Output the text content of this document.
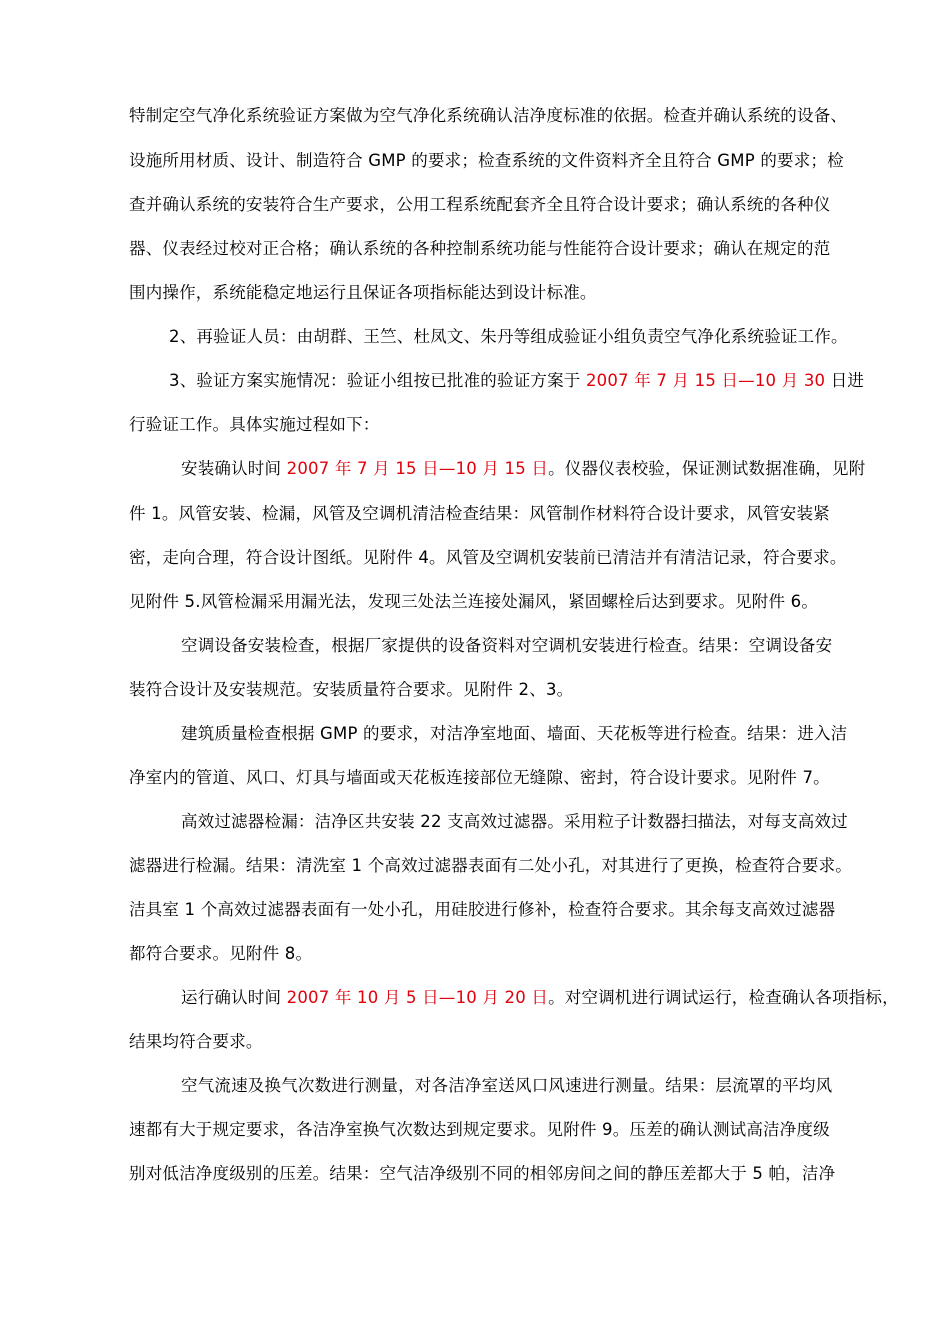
特制定空气净化系统验证方案做为空气净化系统确认洁净度标准的依据。检查并确认系统的设备、
设施所用材质、设计、制造符合 GMP 的要求；检查系统的文件资料齐全且符合 GMP 的要求；检
查并确认系统的安装符合生产要求，公用工程系统配套齐全且符合设计要求；确认系统的各种仪
器、仪表经过校对正合格；确认系统的各种控制系统功能与性能符合设计要求；确认在规定的范
围内操作，系统能稳定地运行且保证各项指标能达到设计标准。
2、再验证人员：由胡群、王竺、杜凤文、朱丹等组成验证小组负责空气净化系统验证工作。
3、验证方案实施情况：验证小组按已批准的验证方案于 2007 年 7 月 15 日—10 月 30 日进
行验证工作。具体实施过程如下：
安装确认时间 2007 年 7 月 15 日—10 月 15 日。仪器仪表校验，保证测试数据准确，见附
件 1。风管安装、检漏，风管及空调机清洁检查结果：风管制作材料符合设计要求，风管安装紧
密，走向合理，符合设计图纸。见附件 4。风管及空调机安装前已清洁并有清洁记录，符合要求。
见附件 5.风管检漏采用漏光法，发现三处法兰连接处漏风，紧固螺栓后达到要求。见附件 6。
空调设备安装检查，根据厂家提供的设备资料对空调机安装进行检查。结果：空调设备安
装符合设计及安装规范。安装质量符合要求。见附件 2、3。
建筑质量检查根据 GMP 的要求，对洁净室地面、墙面、天花板等进行检查。结果：进入洁
净室内的管道、风口、灯具与墙面或天花板连接部位无缝隙、密封，符合设计要求。见附件 7。
高效过滤器检漏：洁净区共安装 22 支高效过滤器。采用粒子计数器扫描法，对每支高效过
滤器进行检漏。结果：清洗室 1 个高效过滤器表面有二处小孔，对其进行了更换，检查符合要求。
洁具室 1 个高效过滤器表面有一处小孔，用硅胶进行修补，检查符合要求。其余每支高效过滤器
都符合要求。见附件 8。
运行确认时间 2007 年 10 月 5 日—10 月 20 日。对空调机进行调试运行，检查确认各项指标，
结果均符合要求。
空气流速及换气次数进行测量，对各洁净室送风口风速进行测量。结果：层流罩的平均风
速都有大于规定要求，各洁净室换气次数达到规定要求。见附件 9。压差的确认测试高洁净度级
别对低洁净度级别的压差。结果：空气洁净级别不同的相邻房间之间的静压差都大于 5 帕，洁净
